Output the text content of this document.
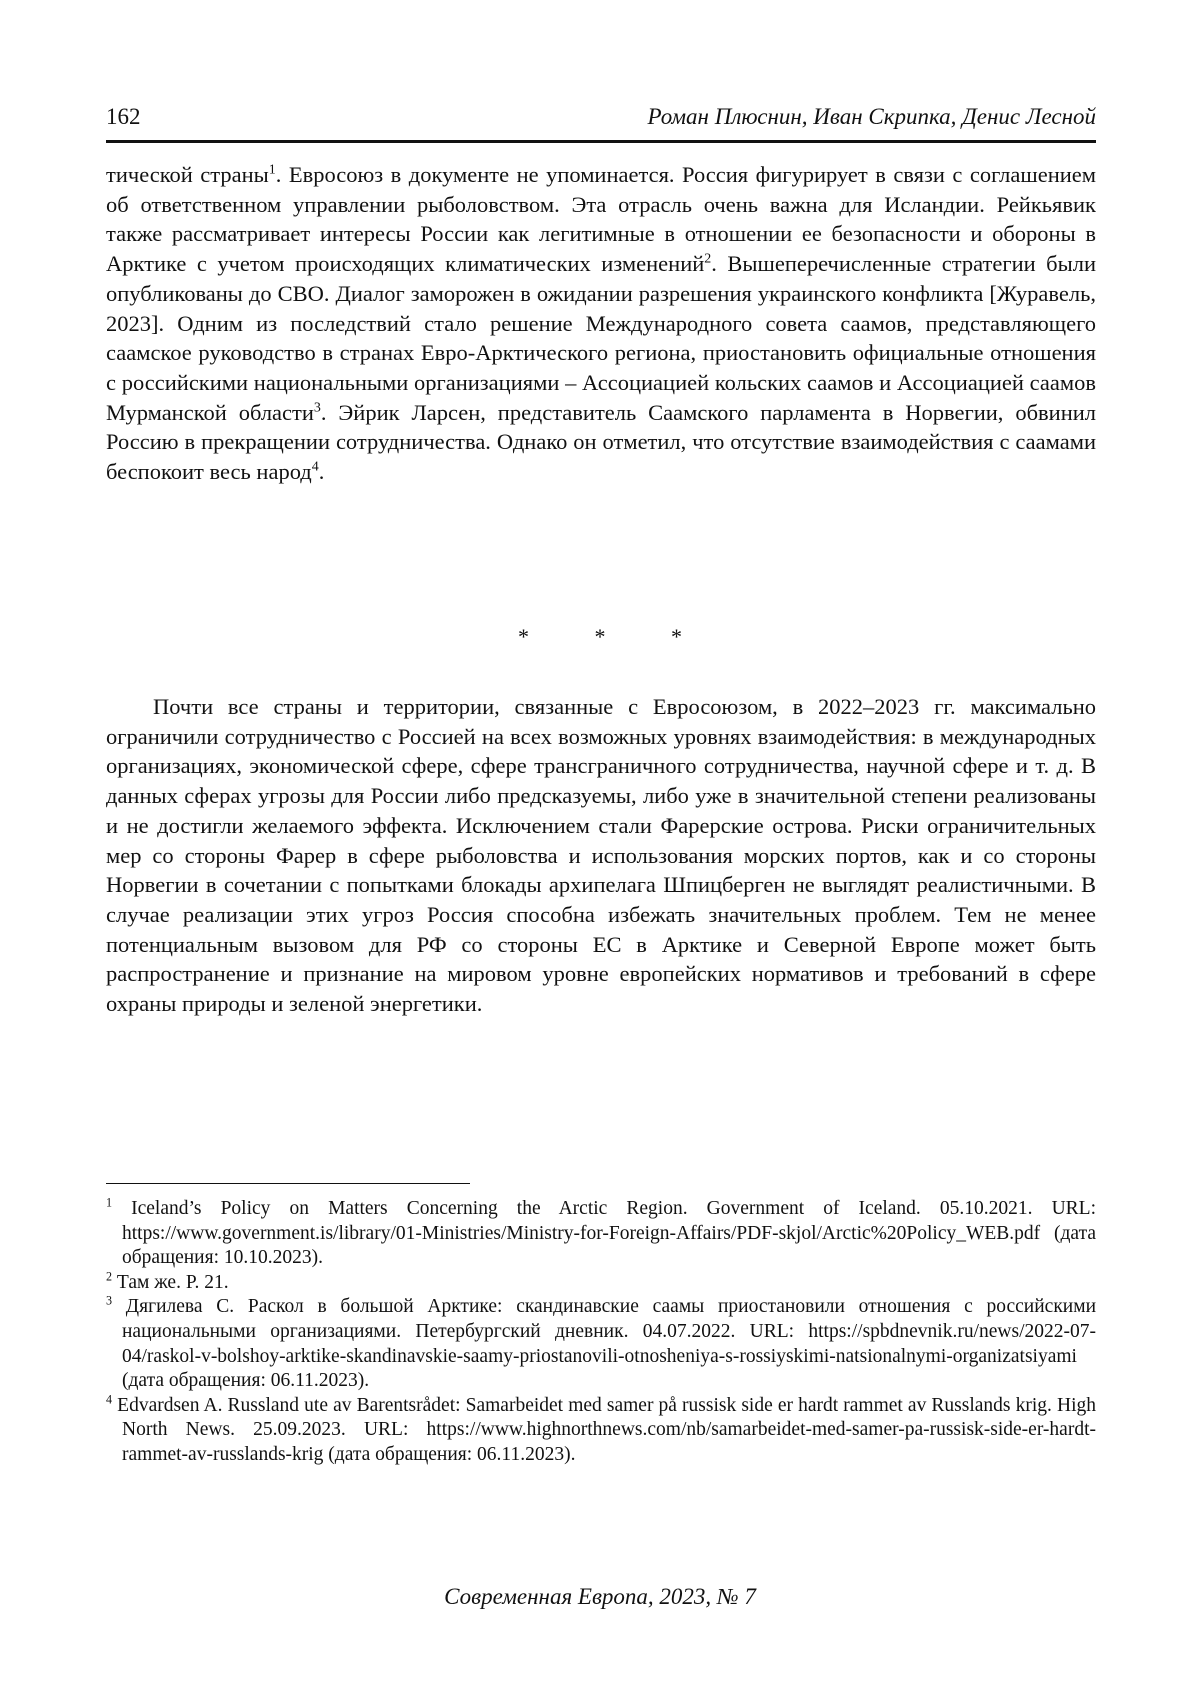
162	Роман Плюснин, Иван Скрипка, Денис Лесной
тической страны$^1$. Евросоюз в документе не упоминается. Россия фигурирует в связи с соглашением об ответственном управлении рыболовством. Эта отрасль очень важна для Исландии. Рейкьявик также рассматривает интересы России как легитимные в отношении ее безопасности и обороны в Арктике с учетом происходящих климатических изменений$^2$. Вышеперечисленные стратегии были опубликованы до СВО. Диалог заморожен в ожидании разрешения украинского конфликта [Журавель, 2023]. Одним из последствий стало решение Международного совета саамов, представляющего саамское руководство в странах Евро-Арктического региона, приостановить официальные отношения с российскими национальными организациями – Ассоциацией кольских саамов и Ассоциацией саамов Мурманской области$^3$. Эйрик Ларсен, представитель Саамского парламента в Норвегии, обвинил Россию в прекращении сотрудничества. Однако он отметил, что отсутствие взаимодействия с саамами беспокоит весь народ$^4$.
* * *
Почти все страны и территории, связанные с Евросоюзом, в 2022–2023 гг. максимально ограничили сотрудничество с Россией на всех возможных уровнях взаимодействия: в международных организациях, экономической сфере, сфере трансграничного сотрудничества, научной сфере и т. д. В данных сферах угрозы для России либо предсказуемы, либо уже в значительной степени реализованы и не достигли желаемого эффекта. Исключением стали Фарерские острова. Риски ограничительных мер со стороны Фарер в сфере рыболовства и использования морских портов, как и со стороны Норвегии в сочетании с попытками блокады архипелага Шпицберген не выглядят реалистичными. В случае реализации этих угроз Россия способна избежать значительных проблем. Тем не менее потенциальным вызовом для РФ со стороны ЕС в Арктике и Северной Европе может быть распространение и признание на мировом уровне европейских нормативов и требований в сфере охраны природы и зеленой энергетики.
$^1$ Iceland’s Policy on Matters Concerning the Arctic Region. Government of Iceland. 05.10.2021. URL: https://www.government.is/library/01-Ministries/Ministry-for-Foreign-Affairs/PDF-skjol/Arctic%20Policy_WEB.pdf (дата обращения: 10.10.2023).
$^2$ Там же. P. 21.
$^3$ Дягилева С. Раскол в большой Арктике: скандинавские саамы приостановили отношения с российскими национальными организациями. Петербургский дневник. 04.07.2022. URL: https://spbdnevnik.ru/news/2022-07-04/raskol-v-bolshoy-arktike-skandinavskie-saamy-priostanovili-otnosheniya-s-rossiyskimi-natsionalnymi-organizatsiyami (дата обращения: 06.11.2023).
$^4$ Edvardsen A. Russland ute av Barentsrådet: Samarbeidet med samer på russisk side er hardt rammet av Russlands krig. High North News. 25.09.2023. URL: https://www.highnorthnews.com/nb/samarbeidet-med-samer-pa-russisk-side-er-hardt-rammet-av-russlands-krig (дата обращения: 06.11.2023).
Современная Европа, 2023, № 7
